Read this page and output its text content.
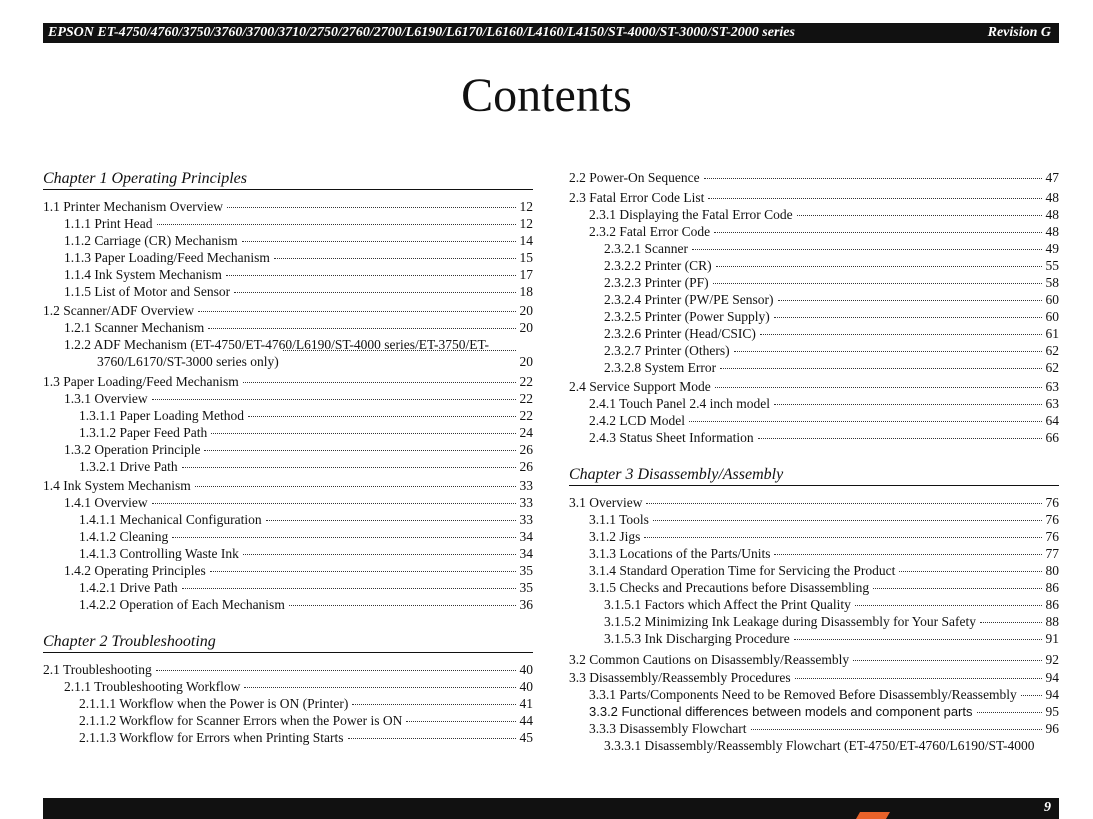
EPSON ET-4750/4760/3750/3760/3700/3710/2750/2760/2700/L6190/L6170/L6160/L4160/L4150/ST-4000/ST-3000/ST-2000 series	Revision G
Contents
Chapter 1 Operating Principles
1.1 Printer Mechanism Overview	12
1.1.1 Print Head	12
1.1.2 Carriage (CR) Mechanism	14
1.1.3 Paper Loading/Feed Mechanism	15
1.1.4 Ink System Mechanism	17
1.1.5 List of Motor and Sensor	18
1.2 Scanner/ADF Overview	20
1.2.1 Scanner Mechanism	20
1.2.2 ADF Mechanism (ET-4750/ET-4760/L6190/ST-4000 series/ET-3750/ET-
3760/L6170/ST-3000 series only)	20
1.3 Paper Loading/Feed Mechanism	22
1.3.1 Overview	22
1.3.1.1 Paper Loading Method	22
1.3.1.2 Paper Feed Path	24
1.3.2 Operation Principle	26
1.3.2.1 Drive Path	26
1.4 Ink System Mechanism	33
1.4.1 Overview	33
1.4.1.1 Mechanical Configuration	33
1.4.1.2 Cleaning	34
1.4.1.3 Controlling Waste Ink	34
1.4.2 Operating Principles	35
1.4.2.1 Drive Path	35
1.4.2.2 Operation of Each Mechanism	36
2.1 Troubleshooting	40
2.1.1 Troubleshooting Workflow	40
2.1.1.1 Workflow when the Power is ON (Printer)	41
2.1.1.2 Workflow for Scanner Errors when the Power is ON	44
2.1.1.3 Workflow for Errors when Printing Starts	45
Chapter 2 Troubleshooting
2.2 Power-On Sequence	47
2.3 Fatal Error Code List	48
2.3.1 Displaying the Fatal Error Code	48
2.3.2 Fatal Error Code	48
2.3.2.1 Scanner	49
2.3.2.2 Printer (CR)	55
2.3.2.3 Printer (PF)	58
2.3.2.4 Printer (PW/PE Sensor)	60
2.3.2.5 Printer (Power Supply)	60
2.3.2.6 Printer (Head/CSIC)	61
2.3.2.7 Printer (Others)	62
2.3.2.8 System Error	62
2.4 Service Support Mode	63
2.4.1 Touch Panel 2.4 inch model	63
2.4.2 LCD Model	64
2.4.3 Status Sheet Information	66
3.1 Overview	76
3.1.1 Tools	76
3.1.2 Jigs	76
3.1.3 Locations of the Parts/Units	77
3.1.4 Standard Operation Time for Servicing the Product	80
3.1.5 Checks and Precautions before Disassembling	86
3.1.5.1 Factors which Affect the Print Quality	86
3.1.5.2 Minimizing Ink Leakage during Disassembly for Your Safety	88
3.1.5.3 Ink Discharging Procedure	91
3.2 Common Cautions on Disassembly/Reassembly	92
3.3 Disassembly/Reassembly Procedures	94
3.3.1 Parts/Components Need to be Removed Before Disassembly/Reassembly 94
3.3.2 Functional differences between models and component parts	95
3.3.3 Disassembly Flowchart	96
3.3.3.1 Disassembly/Reassembly Flowchart (ET-4750/ET-4760/L6190/ST-4000
Chapter 3 Disassembly/Assembly
9
